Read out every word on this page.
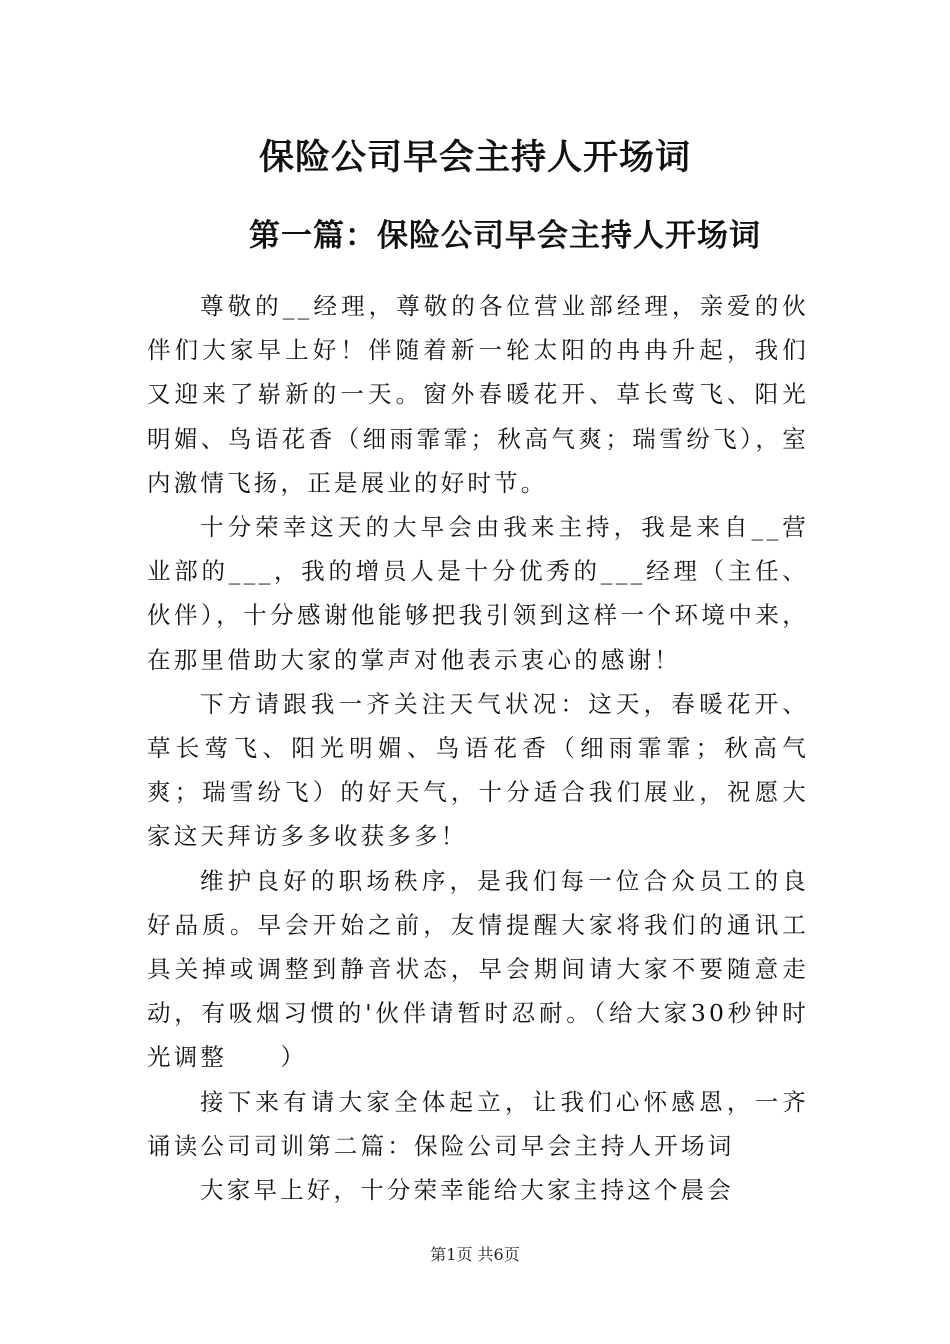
保险公司早会主持人开场词
第一篇：保险公司早会主持人开场词

尊敬的__经理，尊敬的各位营业部经理，亲爱的伙伴们大家早上好！伴随着新一轮太阳的冉冉升起，我们又迎来了崭新的一天。窗外春暖花开、草长莺飞、阳光明媚、鸟语花香（细雨霏霏；秋高气爽；瑞雪纷飞），室内激情飞扬，正是展业的好时节。

十分荣幸这天的大早会由我来主持，我是来自__营业部的___，我的增员人是十分优秀的___经理（主任、伙伴），十分感谢他能够把我引领到这样一个环境中来，在那里借助大家的掌声对他表示衷心的感谢！

下方请跟我一齐关注天气状况：这天，春暖花开、草长莺飞、阳光明媚、鸟语花香（细雨霏霏；秋高气爽；瑞雪纷飞）的好天气，十分适合我们展业，祝愿大家这天拜访多多收获多多！

维护良好的职场秩序，是我们每一位合众员工的良好品质。早会开始之前，友情提醒大家将我们的通讯工具关掉或调整到静音状态，早会期间请大家不要随意走动，有吸烟习惯的'伙伴请暂时忍耐。（给大家30秒钟时光调整　　）

接下来有请大家全体起立，让我们心怀感恩，一齐诵读公司司训第二篇：保险公司早会主持人开场词

大家早上好，十分荣幸能给大家主持这个晨会

第1页 共6页
